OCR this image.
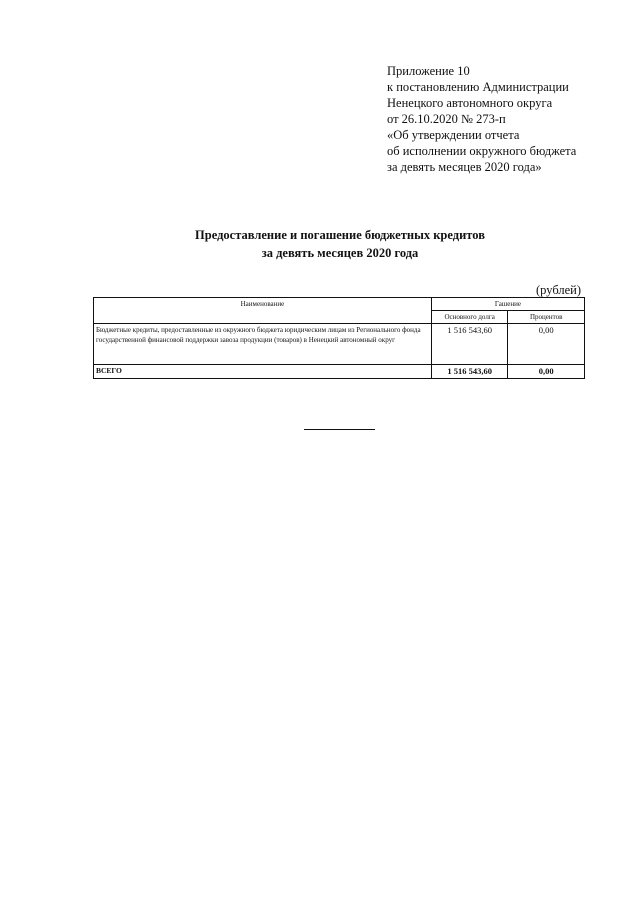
Приложение 10
к постановлению Администрации
Ненецкого автономного округа
от 26.10.2020 № 273-п
«Об утверждении отчета
об исполнении окружного бюджета
за девять месяцев 2020 года»
Предоставление и погашение бюджетных кредитов
за девять месяцев 2020 года
(рублей)
Наименование	Гашение	
	Основного долга	Процентов
Бюджетные кредиты, предоставленные из окружного бюджета юридическим лицам из Регионального фонда государственной финансовой поддержки завоза продукции (товаров) в Ненецкий автономный округ	1 516 543,60	0,00
ВСЕГО	1 516 543,60	0,00
